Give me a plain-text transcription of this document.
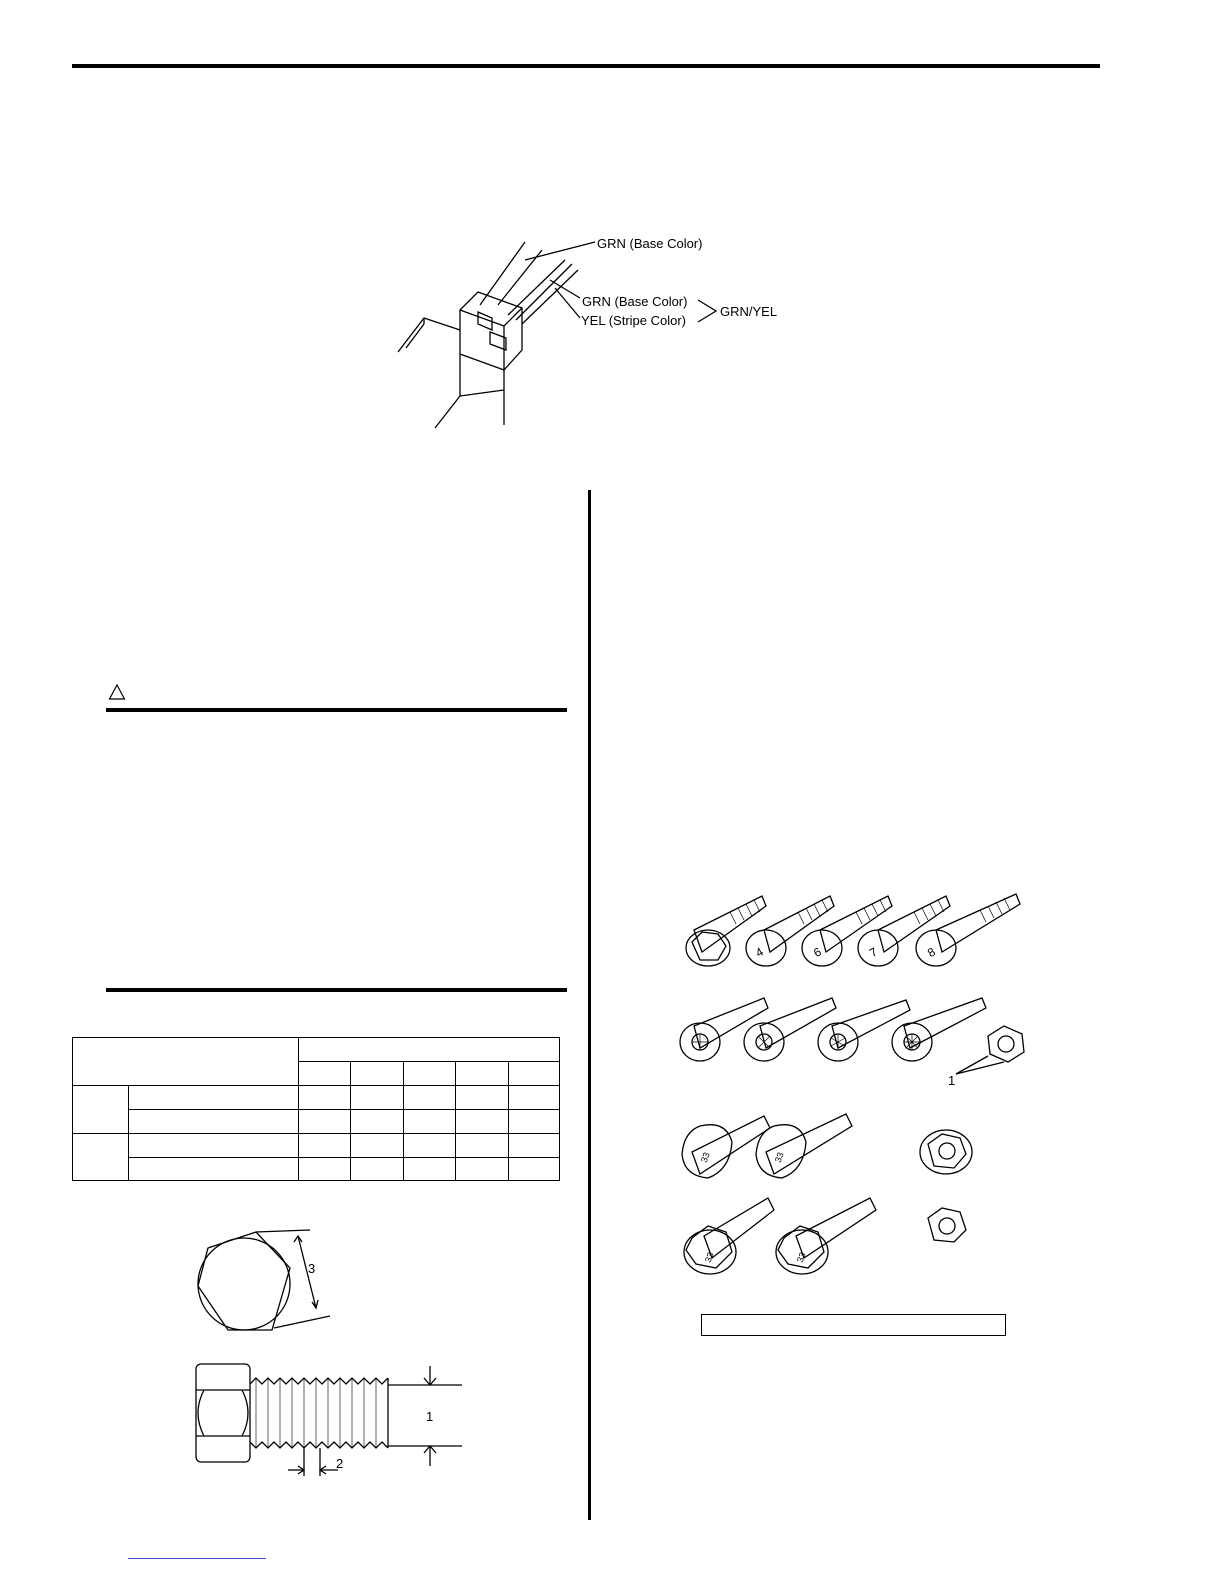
GRN (Base Color)
GRN (Base Color)
YEL (Stripe Color)
GRN/YEL

3
1
2
4	6	7	8
33	33
33	33
1
